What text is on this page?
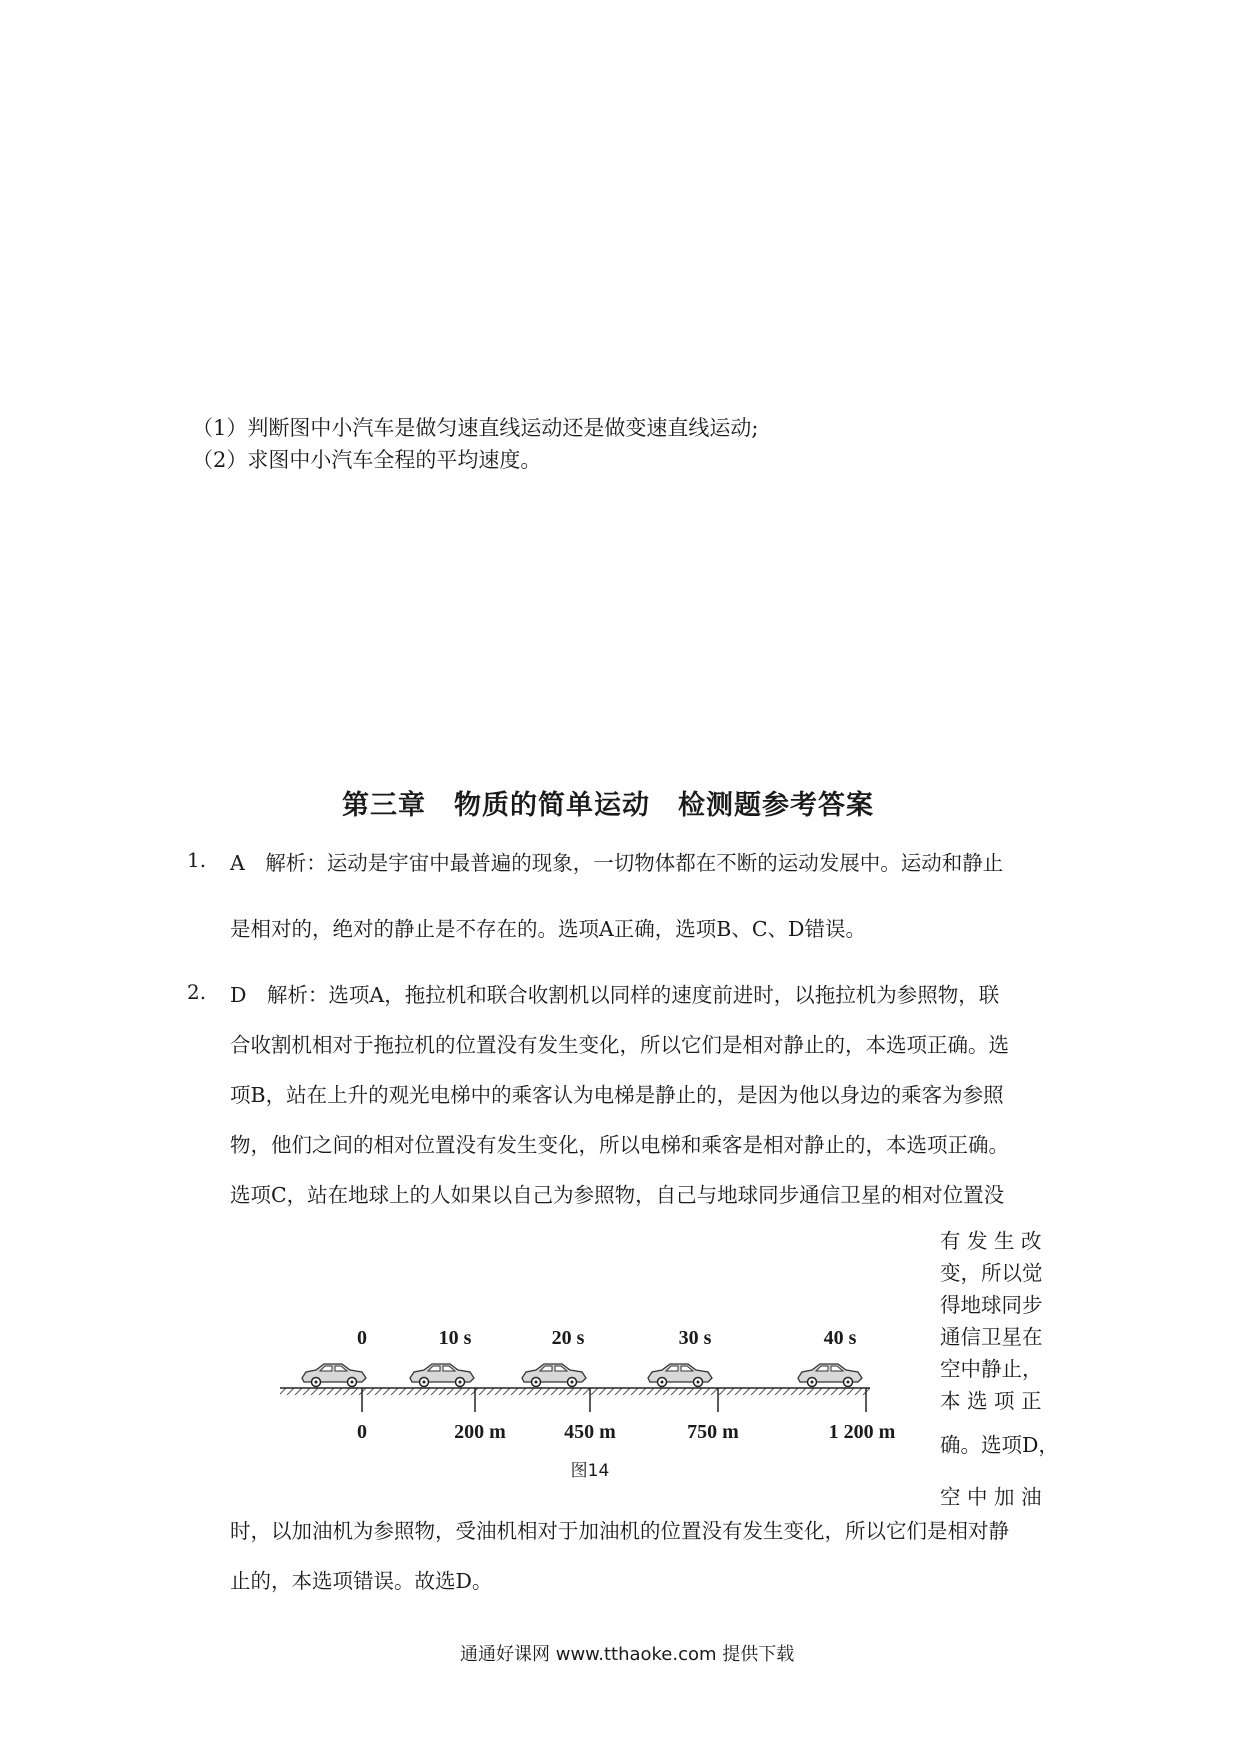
（1）判断图中小汽车是做匀速直线运动还是做变速直线运动;
（2）求图中小汽车全程的平均速度。
第三章　物质的简单运动　检测题参考答案
1. A　解析：运动是宇宙中最普遍的现象，一切物体都在不断的运动发展中。运动和静止
是相对的，绝对的静止是不存在的。选项A正确，选项B、C、D错误。
2. D　解析：选项A，拖拉机和联合收割机以同样的速度前进时，以拖拉机为参照物，联
合收割机相对于拖拉机的位置没有发生变化，所以它们是相对静止的，本选项正确。选
项B，站在上升的观光电梯中的乘客认为电梯是静止的，是因为他以身边的乘客为参照
物，他们之间的相对位置没有发生变化，所以电梯和乘客是相对静止的，本选项正确。
选项C，站在地球上的人如果以自己为参照物，自己与地球同步通信卫星的相对位置没
有 发 生 改
变，所以觉
得地球同步
通信卫星在
空中静止，
本 选 项 正
确。选项D，
空 中 加 油
时，以加油机为参照物，受油机相对于加油机的位置没有发生变化，所以它们是相对静
止的，本选项错误。故选D。
0	10 s	20 s	30 s	40 s
0	200 m	450 m	750 m	1 200 m
图14
通通好课网 www.tthaoke.com 提供下载
